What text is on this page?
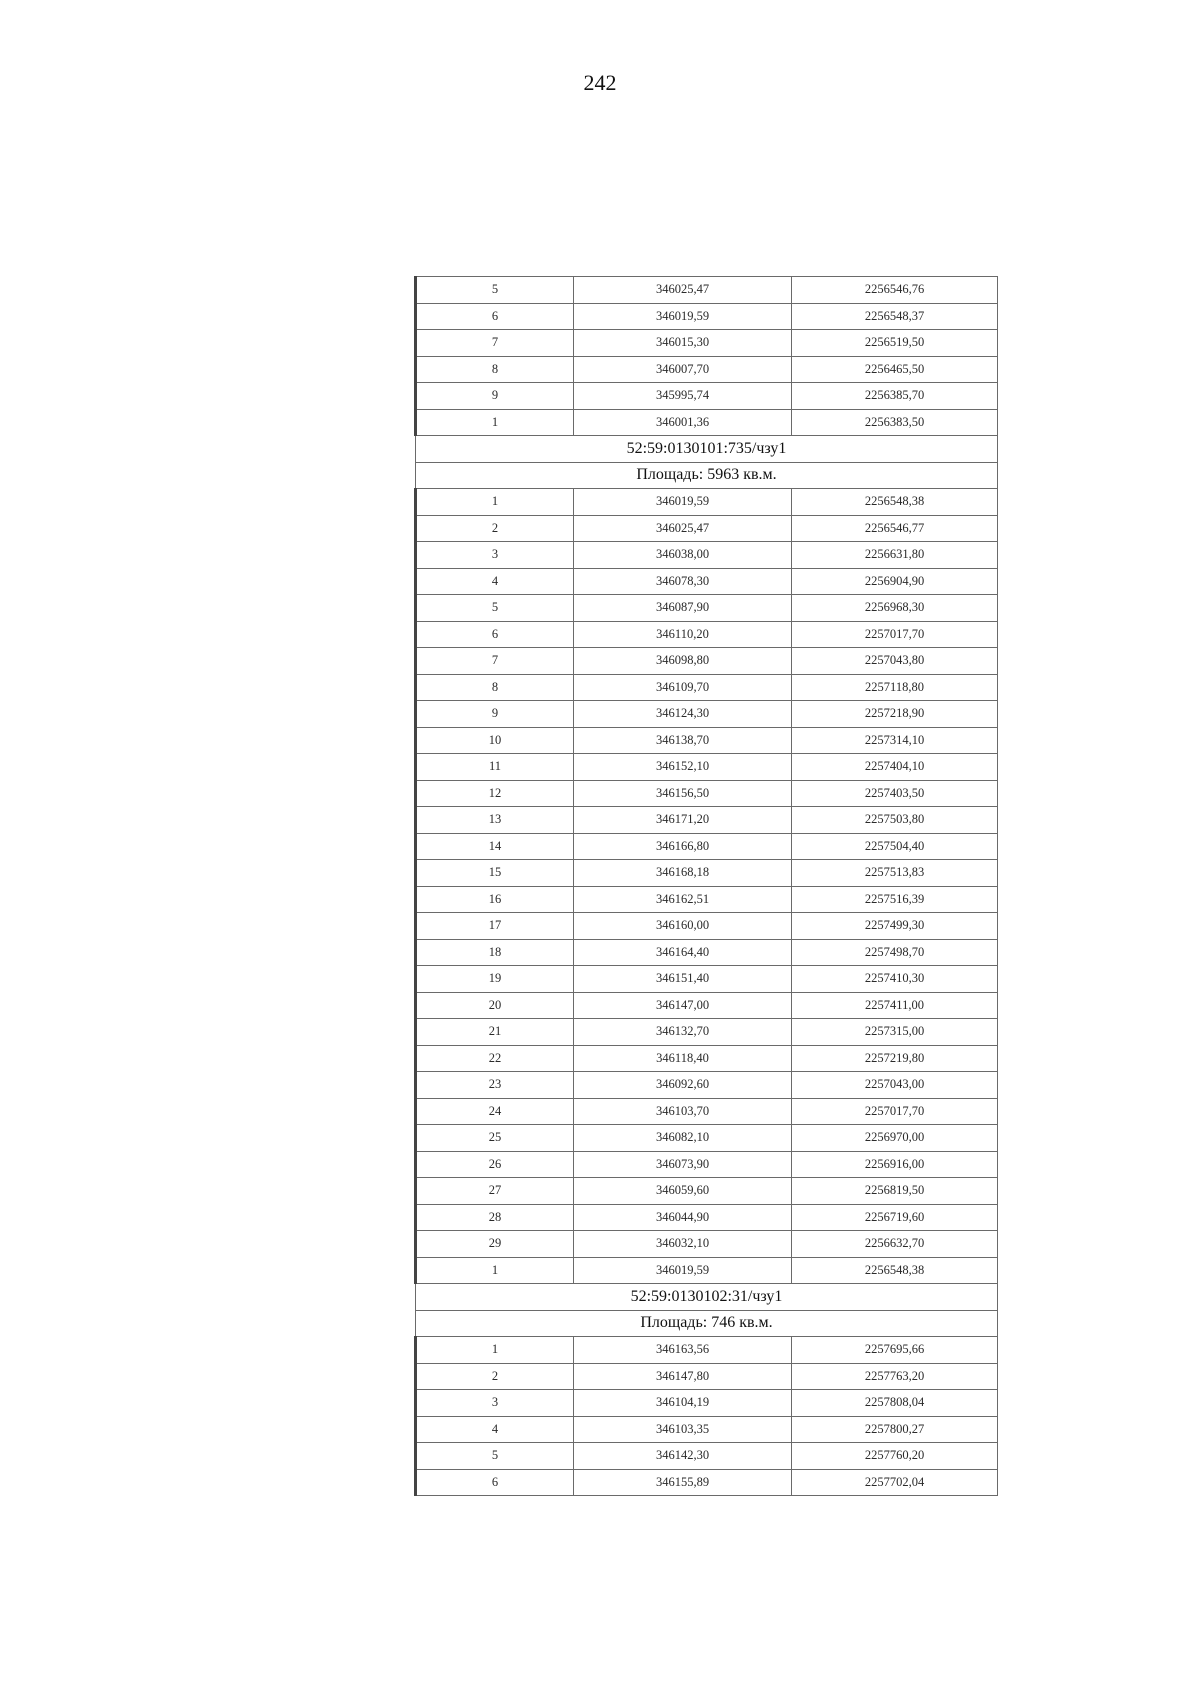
242
5	346025,47	2256546,76
6	346019,59	2256548,37
7	346015,30	2256519,50
8	346007,70	2256465,50
9	345995,74	2256385,70
1	346001,36	2256383,50
52:59:0130101:735/чзу1		
Площадь: 5963 кв.м.		
1	346019,59	2256548,38
2	346025,47	2256546,77
3	346038,00	2256631,80
4	346078,30	2256904,90
5	346087,90	2256968,30
6	346110,20	2257017,70
7	346098,80	2257043,80
8	346109,70	2257118,80
9	346124,30	2257218,90
10	346138,70	2257314,10
11	346152,10	2257404,10
12	346156,50	2257403,50
13	346171,20	2257503,80
14	346166,80	2257504,40
15	346168,18	2257513,83
16	346162,51	2257516,39
17	346160,00	2257499,30
18	346164,40	2257498,70
19	346151,40	2257410,30
20	346147,00	2257411,00
21	346132,70	2257315,00
22	346118,40	2257219,80
23	346092,60	2257043,00
24	346103,70	2257017,70
25	346082,10	2256970,00
26	346073,90	2256916,00
27	346059,60	2256819,50
28	346044,90	2256719,60
29	346032,10	2256632,70
1	346019,59	2256548,38
52:59:0130102:31/чзу1		
Площадь: 746 кв.м.		
1	346163,56	2257695,66
2	346147,80	2257763,20
3	346104,19	2257808,04
4	346103,35	2257800,27
5	346142,30	2257760,20
6	346155,89	2257702,04
